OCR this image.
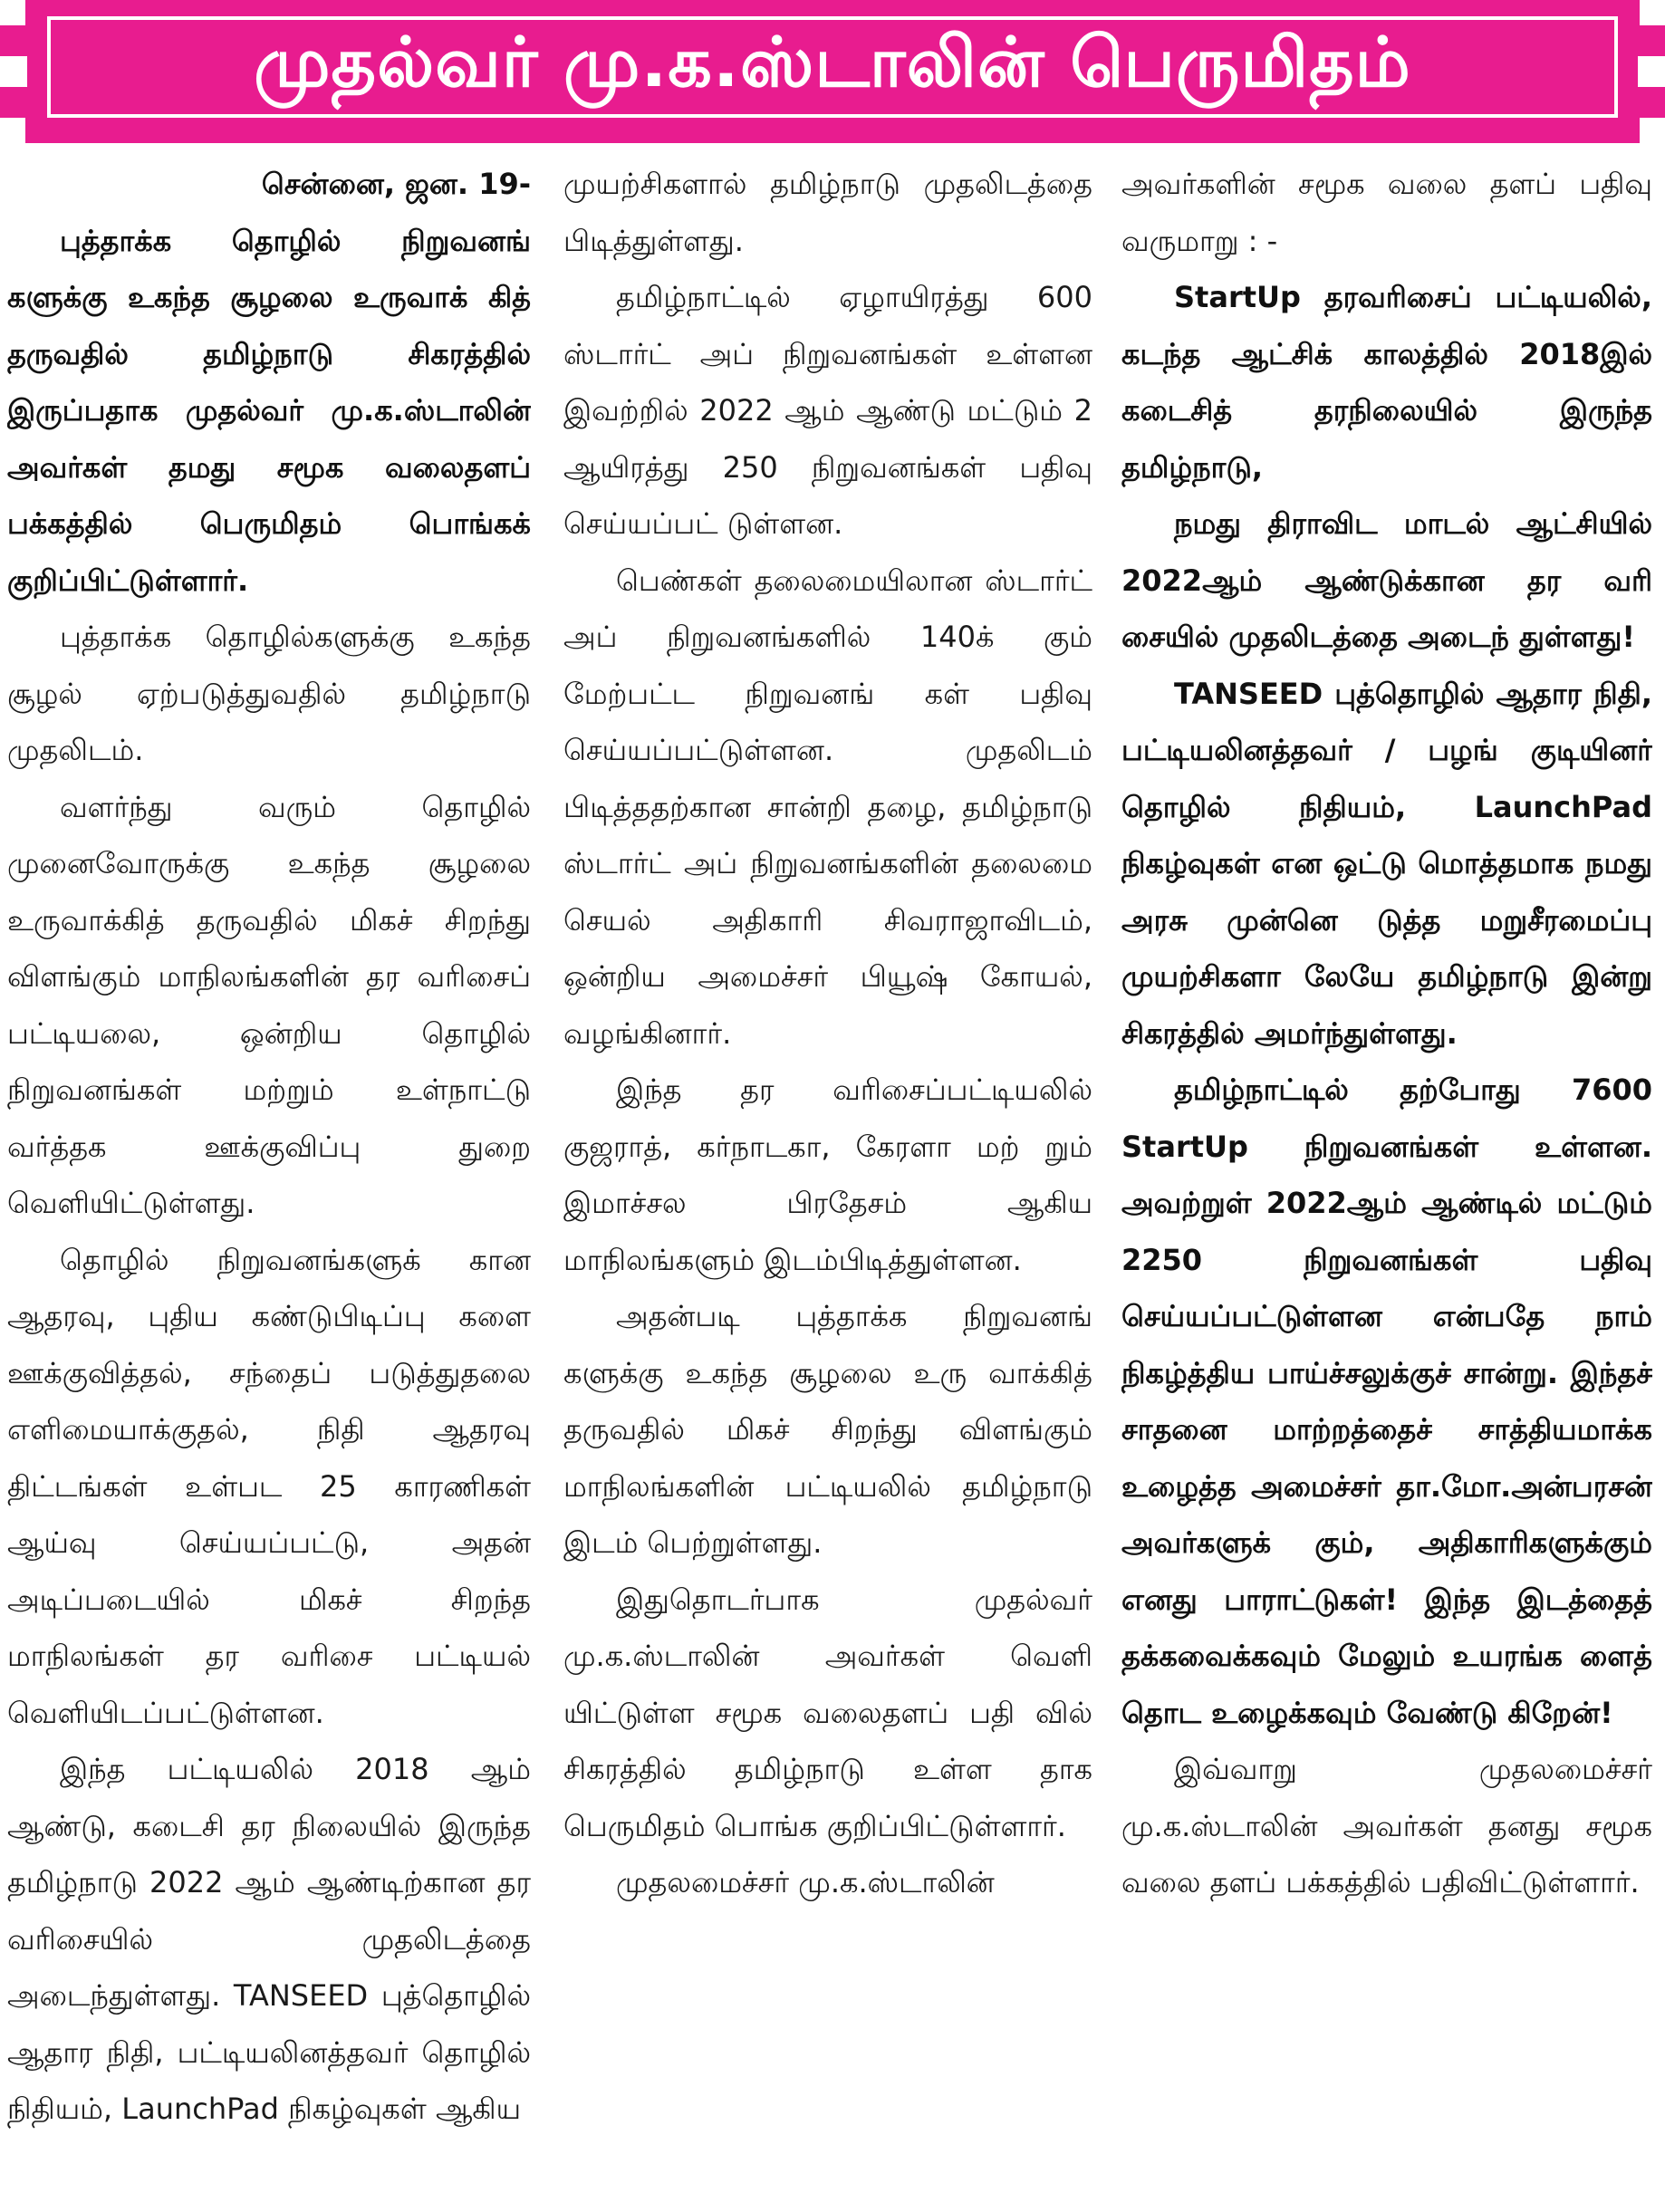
முதல்வர் மு.க.ஸ்டாலின் பெருமிதம்

சென்னை, ஜன. 19-

புத்தாக்க தொழில் நிறுவனங் களுக்கு உகந்த சூழலை உருவாக் கித் தருவதில் தமிழ்நாடு சிகரத்தில் இருப்பதாக முதல்வர் மு.க.ஸ்டாலின் அவர்கள் தமது சமூக வலைதளப் பக்கத்தில் பெருமிதம் பொங்கக் குறிப்பிட்டுள்ளார்.

புத்தாக்க தொழில்களுக்கு உகந்த சூழல் ஏற்படுத்துவதில் தமிழ்நாடு முதலிடம்.

வளர்ந்து வரும் தொழில் முனைவோருக்கு உகந்த சூழலை உருவாக்கித் தருவதில் மிகச் சிறந்து விளங்கும் மாநிலங்களின் தர வரிசைப் பட்டியலை, ஒன்றிய தொழில் நிறுவனங்கள் மற்றும் உள்நாட்டு வர்த்தக ஊக்குவிப்பு துறை வெளியிட்டுள்ளது.

தொழில் நிறுவனங்களுக் கான ஆதரவு, புதிய கண்டுபிடிப்பு களை ஊக்குவித்தல், சந்தைப் படுத்துதலை எளிமையாக்குதல், நிதி ஆதரவு திட்டங்கள் உள்பட 25 காரணிகள் ஆய்வு செய்யப்பட்டு, அதன் அடிப்படையில் மிகச் சிறந்த மாநிலங்கள் தர வரிசை பட்டியல் வெளியிடப்பட்டுள்ளன.

இந்த பட்டியலில் 2018 ஆம் ஆண்டு, கடைசி தர நிலையில் இருந்த தமிழ்நாடு 2022 ஆம் ஆண்டிற்கான தர வரிசையில் முதலிடத்தை அடைந்துள்ளது. TANSEED புத்தொழில் ஆதார நிதி, பட்டியலினத்தவர் தொழில் நிதியம், LaunchPad நிகழ்வுகள் ஆகிய

முயற்சிகளால் தமிழ்நாடு முதலிடத்தை பிடித்துள்ளது.

தமிழ்நாட்டில் ஏழாயிரத்து 600 ஸ்டார்ட் அப் நிறுவனங்கள் உள்ளன இவற்றில் 2022 ஆம் ஆண்டு மட்டும் 2 ஆயிரத்து 250 நிறுவனங்கள் பதிவு செய்யப்பட் டுள்ளன.

பெண்கள் தலைமையிலான ஸ்டார்ட் அப் நிறுவனங்களில் 140க் கும் மேற்பட்ட நிறுவனங் கள் பதிவு செய்யப்பட்டுள்ளன. முதலிடம் பிடித்ததற்கான சான்றி தழை, தமிழ்நாடு ஸ்டார்ட் அப் நிறுவனங்களின் தலைமை செயல் அதிகாரி சிவராஜாவிடம், ஒன்றிய அமைச்சர் பியூஷ் கோயல், வழங்கினார்.

இந்த தர வரிசைப்பட்டியலில் குஜராத், கர்நாடகா, கேரளா மற் றும் இமாச்சல பிரதேசம் ஆகிய மாநிலங்களும் இடம்பிடித்துள்ளன.

அதன்படி புத்தாக்க நிறுவனங் களுக்கு உகந்த சூழலை உரு வாக்கித் தருவதில் மிகச் சிறந்து விளங்கும் மாநிலங்களின் பட்டியலில் தமிழ்நாடு இடம் பெற்றுள்ளது.

இதுதொடர்பாக முதல்வர் மு.க.ஸ்டாலின் அவர்கள் வெளி யிட்டுள்ள சமூக வலைதளப் பதி வில் சிகரத்தில் தமிழ்நாடு உள்ள தாக பெருமிதம் பொங்க குறிப்பிட்டுள்ளார்.

முதலமைச்சர் மு.க.ஸ்டாலின்

அவர்களின் சமூக வலை தளப் பதிவு வருமாறு : -

StartUp தரவரிசைப் பட்டியலில், கடந்த ஆட்சிக் காலத்தில் 2018இல் கடைசித் தரநிலையில் இருந்த தமிழ்நாடு,

நமது திராவிட மாடல் ஆட்சியில் 2022ஆம் ஆண்டுக்கான தர வரி சையில் முதலிடத்தை அடைந் துள்ளது!

TANSEED புத்தொழில் ஆதார நிதி, பட்டியலினத்தவர் / பழங் குடியினர் தொழில் நிதியம், LaunchPad நிகழ்வுகள் என ஒட்டு மொத்தமாக நமது அரசு முன்னெ டுத்த மறுசீரமைப்பு முயற்சிகளா லேயே தமிழ்நாடு இன்று சிகரத்தில் அமர்ந்துள்ளது.

தமிழ்நாட்டில் தற்போது 7600 StartUp நிறுவனங்கள் உள்ளன. அவற்றுள் 2022ஆம் ஆண்டில் மட்டும் 2250 நிறுவனங்கள் பதிவு செய்யப்பட்டுள்ளன என்பதே நாம் நிகழ்த்திய பாய்ச்சலுக்குச் சான்று. இந்தச் சாதனை மாற்றத்தைச் சாத்தியமாக்க உழைத்த அமைச்சர் தா.மோ.அன்பரசன் அவர்களுக் கும், அதிகாரிகளுக்கும் எனது பாராட்டுகள்! இந்த இடத்தைத் தக்கவைக்கவும் மேலும் உயரங்க ளைத் தொட உழைக்கவும் வேண்டு கிறேன்!

இவ்வாறு முதலமைச்சர் மு.க.ஸ்டாலின் அவர்கள் தனது சமூக வலை தளப் பக்கத்தில் பதிவிட்டுள்ளார்.
